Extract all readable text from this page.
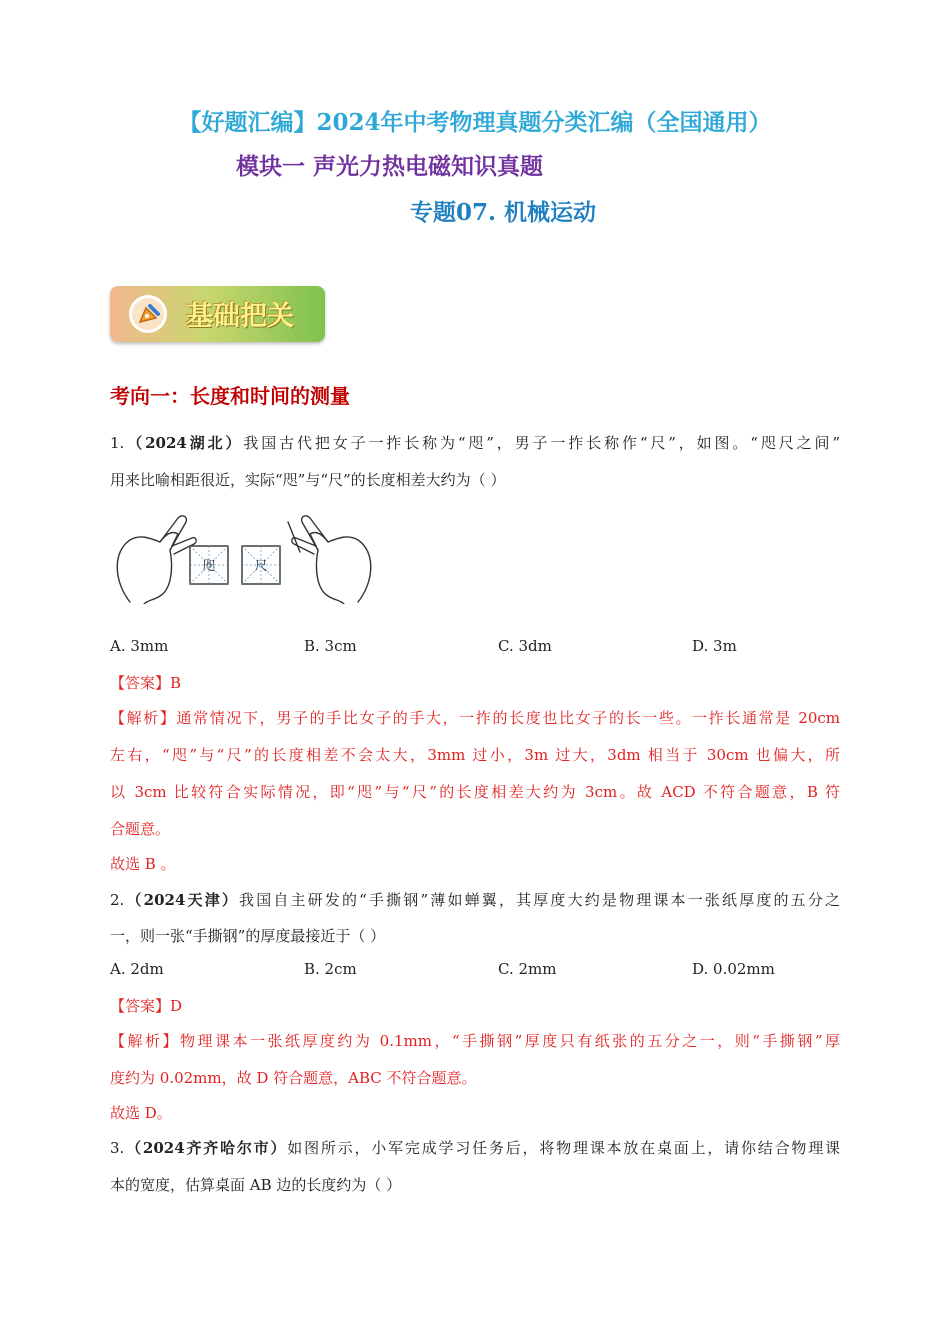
【好题汇编】2024年中考物理真题分类汇编（全国通用）
模块一 声光力热电磁知识真题
专题07. 机械运动
基础把关
考向一：长度和时间的测量
1.（2024湖北）我国古代把女子一拃长称为“咫”，男子一拃长称作“尺”，如图。“咫尺之间”
用来比喻相距很近，实际“咫”与“尺”的长度相差大约为（ ）
咫	尺
A. 3mm	B. 3cm	C. 3dm	D. 3m
【答案】B
【解析】通常情况下，男子的手比女子的手大，一拃的长度也比女子的长一些。一拃长通常是 20cm
左右，“咫”与“尺”的长度相差不会太大，3mm 过小，3m 过大，3dm 相当于 30cm 也偏大，所
以 3cm 比较符合实际情况，即“咫”与“尺”的长度相差大约为 3cm。故 ACD 不符合题意，B 符
合题意。
故选 B 。
2.（2024天津）我国自主研发的“手撕钢”薄如蝉翼，其厚度大约是物理课本一张纸厚度的五分之
一，则一张“手撕钢”的厚度最接近于（ ）
A. 2dm	B. 2cm	C. 2mm	D. 0.02mm
【答案】D
【解析】物理课本一张纸厚度约为 0.1mm，“手撕钢”厚度只有纸张的五分之一，则“手撕钢”厚
度约为 0.02mm，故 D 符合题意，ABC 不符合题意。
故选 D。
3.（2024齐齐哈尔市）如图所示，小军完成学习任务后，将物理课本放在桌面上，请你结合物理课
本的宽度，估算桌面 AB 边的长度约为（ ）
